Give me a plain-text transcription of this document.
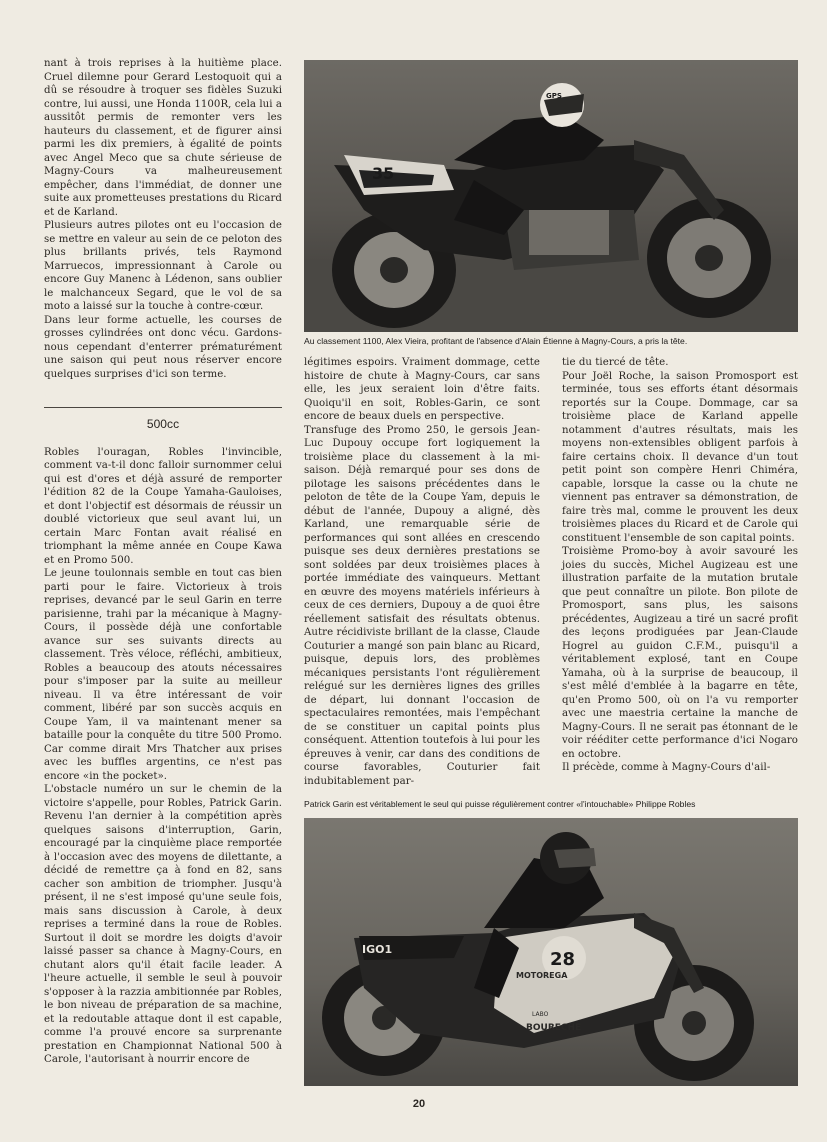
nant à trois reprises à la huitième place. Cruel dilemne pour Gerard Lestoquoit qui a dû se résoudre à troquer ses fidèles Suzuki contre, lui aussi, une Honda 1100R, cela lui a aussitôt permis de remonter vers les hauteurs du classement, et de figurer ainsi parmi les dix premiers, à égalité de points avec Angel Meco que sa chute sérieuse de Magny-Cours va malheureusement empêcher, dans l'immédiat, de donner une suite aux prometteuses prestations du Ricard et de Karland.

Plusieurs autres pilotes ont eu l'occasion de se mettre en valeur au sein de ce peloton des plus brillants privés, tels Raymond Marruecos, impressionnant à Carole ou encore Guy Manenc à Lédenon, sans oublier le malchanceux Segard, que le vol de sa moto a laissé sur la touche à contre-cœur.

Dans leur forme actuelle, les courses de grosses cylindrées ont donc vécu. Gardons-nous cependant d'enterrer prématurément une saison qui peut nous réserver encore quelques surprises d'ici son terme.

500cc

Robles l'ouragan, Robles l'invincible, comment va-t-il donc falloir surnommer celui qui est d'ores et déjà assuré de remporter l'édition 82 de la Coupe Yamaha-Gauloises, et dont l'objectif est désormais de réussir un doublé victorieux que seul avant lui, un certain Marc Fontan avait réalisé en triomphant la même année en Coupe Kawa et en Promo 500.

Le jeune toulonnais semble en tout cas bien parti pour le faire. Victorieux à trois reprises, devancé par le seul Garin en terre parisienne, trahi par la mécanique à Magny-Cours, il possède déjà une confortable avance sur ses suivants directs au classement. Très véloce, réfléchi, ambitieux, Robles a beaucoup des atouts nécessaires pour s'imposer par la suite au meilleur niveau. Il va être intéressant de voir comment, libéré par son succès acquis en Coupe Yam, il va maintenant mener sa bataille pour la conquête du titre 500 Promo. Car comme dirait Mrs Thatcher aux prises avec les buffles argentins, ce n'est pas encore «in the pocket».

L'obstacle numéro un sur le chemin de la victoire s'appelle, pour Robles, Patrick Garin. Revenu l'an dernier à la compétition après quelques saisons d'interruption, Garin, encouragé par la cinquième place remportée à l'occasion avec des moyens de dilettante, a décidé de remettre ça à fond en 82, sans cacher son ambition de triompher. Jusqu'à présent, il ne s'est imposé qu'une seule fois, mais sans discussion à Carole, à deux reprises a terminé dans la roue de Robles. Surtout il doit se mordre les doigts d'avoir laissé passer sa chance à Magny-Cours, en chutant alors qu'il était facile leader. A l'heure actuelle, il semble le seul à pouvoir s'opposer à la razzia ambitionnée par Robles, le bon niveau de préparation de sa machine, et la redoutable attaque dont il est capable, comme l'a prouvé encore sa surprenante prestation en Championnat National 500 à Carole, l'autorisant à nourrir encore de

35
GPS
Au classement 1100, Alex Vieira, profitant de l'absence d'Alain Étienne à Magny-Cours, a pris la tête.

légitimes espoirs. Vraiment dommage, cette histoire de chute à Magny-Cours, car sans elle, les jeux seraient loin d'être faits. Quoiqu'il en soit, Robles-Garin, ce sont encore de beaux duels en perspective.

Transfuge des Promo 250, le gersois Jean-Luc Dupouy occupe fort logiquement la troisième place du classement à la mi-saison. Déjà remarqué pour ses dons de pilotage les saisons précédentes dans le peloton de tête de la Coupe Yam, depuis le début de l'année, Dupouy a aligné, dès Karland, une remarquable série de performances qui sont allées en crescendo puisque ses deux dernières prestations se sont soldées par deux troisièmes places à portée immédiate des vainqueurs. Mettant en œuvre des moyens matériels inférieurs à ceux de ces derniers, Dupouy a de quoi être réellement satisfait des résultats obtenus. Autre récidiviste brillant de la classe, Claude Couturier a mangé son pain blanc au Ricard, puisque, depuis lors, des problèmes mécaniques persistants l'ont régulièrement relégué sur les dernières lignes des grilles de départ, lui donnant l'occasion de spectaculaires remontées, mais l'empêchant de se constituer un capital points plus conséquent. Attention toutefois à lui pour les épreuves à venir, car dans des conditions de course favorables, Couturier fait indubitablement par-

tie du tiercé de tête.

Pour Joël Roche, la saison Promosport est terminée, tous ses efforts étant désormais reportés sur la Coupe. Dommage, car sa troisième place de Karland appelle notamment d'autres résultats, mais les moyens non-extensibles obligent parfois à faire certains choix. Il devance d'un tout petit point son compère Henri Chiméra, capable, lorsque la casse ou la chute ne viennent pas entraver sa démonstration, de faire très mal, comme le prouvent les deux troisièmes places du Ricard et de Carole qui constituent l'ensemble de son capital points.

Troisième Promo-boy à avoir savouré les joies du succès, Michel Augizeau est une illustration parfaite de la mutation brutale que peut connaître un pilote. Bon pilote de Promosport, sans plus, les saisons précédentes, Augizeau a tiré un sacré profit des leçons prodiguées par Jean-Claude Hogrel au guidon C.F.M., puisqu'il a véritablement explosé, tant en Coupe Yamaha, où à la surprise de beaucoup, il s'est mêlé d'emblée à la bagarre en tête, qu'en Promo 500, où on l'a vu remporter avec une maestria certaine la manche de Magny-Cours. Il ne serait pas étonnant de le voir rééditer cette performance d'ici Nogaro en octobre.

Il précède, comme à Magny-Cours d'ail-

Patrick Garin est véritablement le seul qui puisse régulièrement contrer «l'intouchable» Philippe Robles
28
IGO1
MOTOREGA
LABO
BOURECHE
20
